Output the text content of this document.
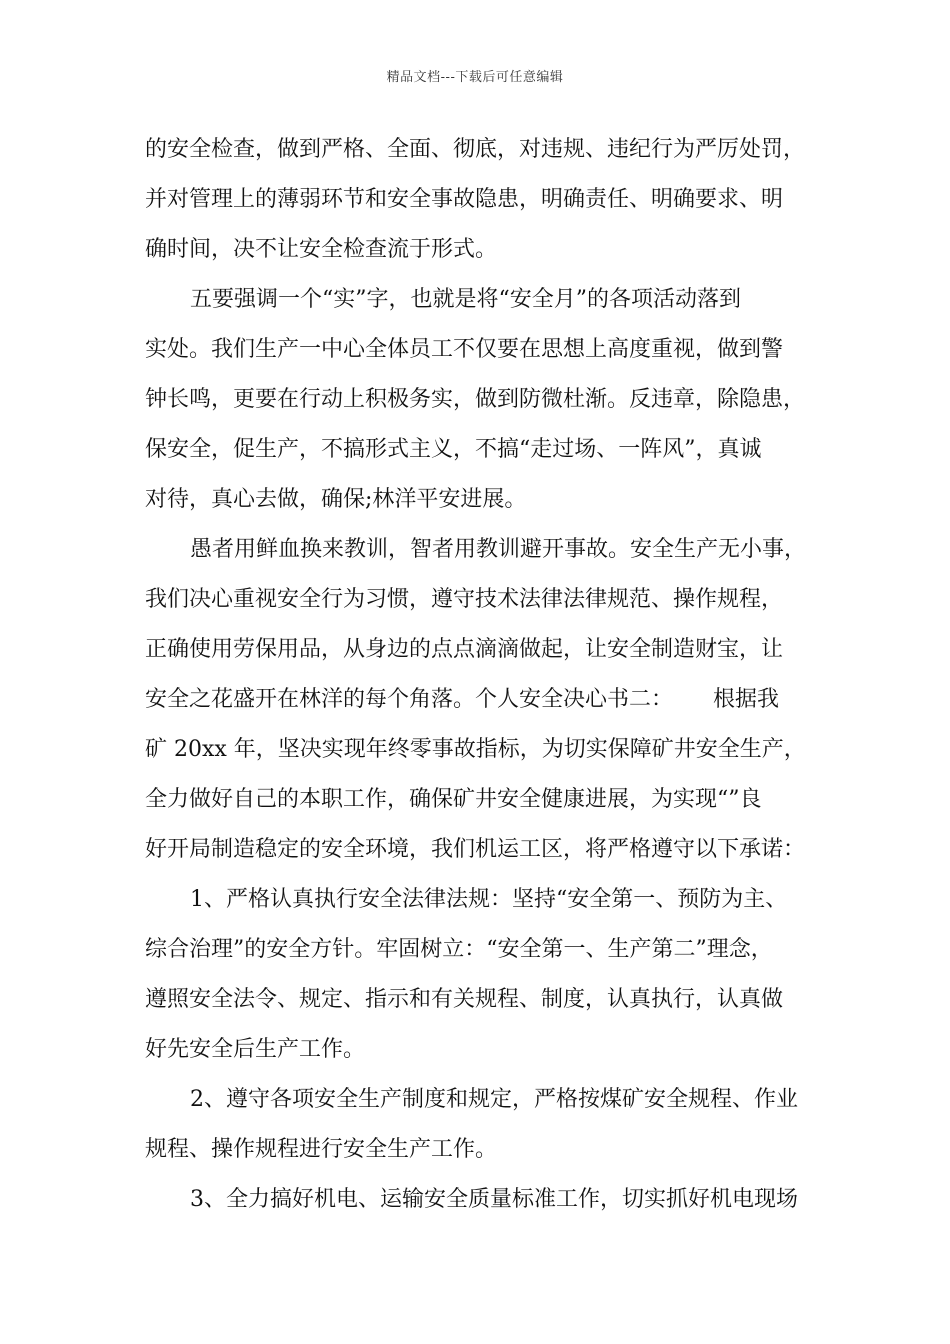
精品文档---下载后可任意编辑
的安全检查，做到严格、全面、彻底，对违规、违纪行为严厉处罚，
并对管理上的薄弱环节和安全事故隐患，明确责任、明确要求、明
确时间，决不让安全检查流于形式。
五要强调一个“实”字，也就是将“安全月”的各项活动落到
实处。我们生产一中心全体员工不仅要在思想上高度重视，做到警
钟长鸣，更要在行动上积极务实，做到防微杜渐。反违章，除隐患，
保安全，促生产，不搞形式主义，不搞“走过场、一阵风”，真诚
对待，真心去做，确保;林洋平安进展。
愚者用鲜血换来教训，智者用教训避开事故。安全生产无小事，
我们决心重视安全行为习惯，遵守技术法律法律规范、操作规程，
正确使用劳保用品，从身边的点点滴滴做起，让安全制造财宝，让
安全之花盛开在林洋的每个角落。个人安全决心书二：　　 根据我
矿 20xx 年，坚决实现年终零事故指标，为切实保障矿井安全生产，
全力做好自己的本职工作，确保矿井安全健康进展，为实现“”良
好开局制造稳定的安全环境，我们机运工区，将严格遵守以下承诺：
1、严格认真执行安全法律法规：坚持“安全第一、预防为主、
综合治理”的安全方针。牢固树立：“安全第一、生产第二”理念，
遵照安全法令、规定、指示和有关规程、制度，认真执行，认真做
好先安全后生产工作。
2、遵守各项安全生产制度和规定，严格按煤矿安全规程、作业
规程、操作规程进行安全生产工作。
3、全力搞好机电、运输安全质量标准工作，切实抓好机电现场
